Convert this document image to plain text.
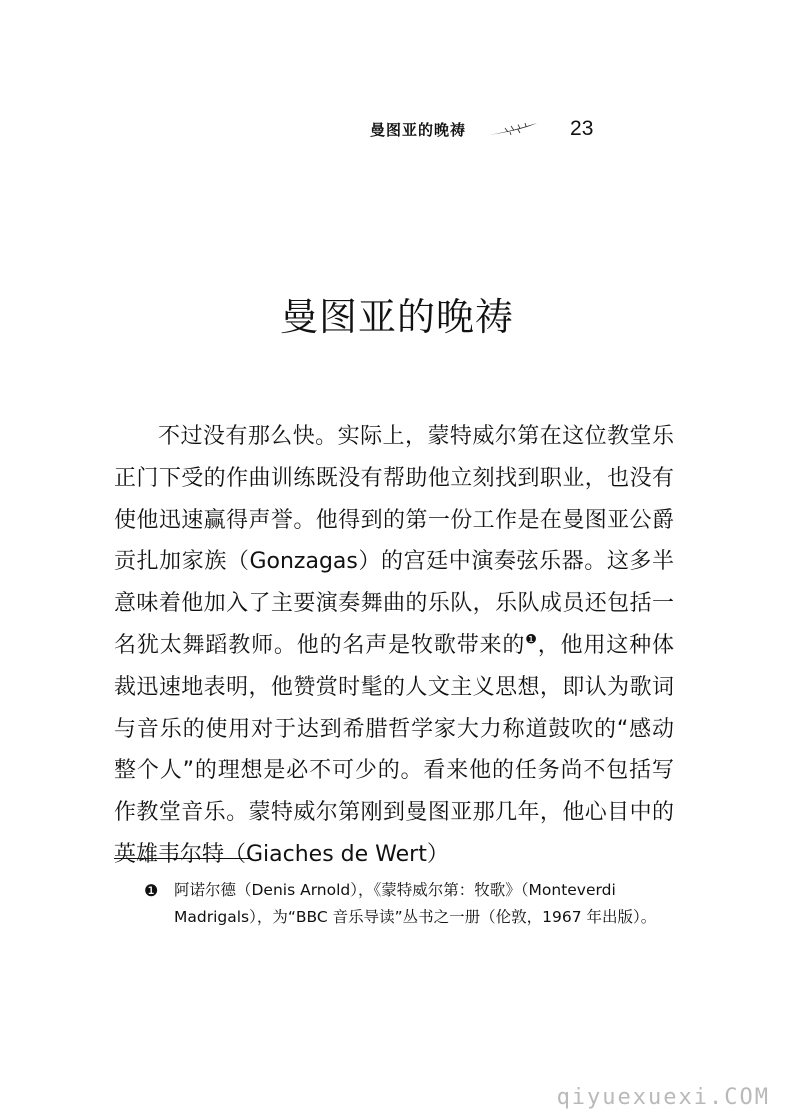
曼图亚的晚祷	23
曼图亚的晚祷

不过没有那么快。实际上，蒙特威尔第在这位教堂乐正门下受的作曲训练既没有帮助他立刻找到职业，也没有使他迅速赢得声誉。他得到的第一份工作是在曼图亚公爵贡扎加家族（Gonzagas）的宫廷中演奏弦乐器。这多半意味着他加入了主要演奏舞曲的乐队，乐队成员还包括一名犹太舞蹈教师。他的名声是牧歌带来的$^❶$，他用这种体裁迅速地表明，他赞赏时髦的人文主义思想，即认为歌词与音乐的使用对于达到希腊哲学家大力称道鼓吹的“感动整个人”的理想是必不可少的。看来他的任务尚不包括写作教堂音乐。蒙特威尔第刚到曼图亚那几年，他心目中的英雄韦尔特（Giaches de Wert）

❶	阿诺尔德（Denis Arnold），《蒙特威尔第：牧歌》（Monteverdi Madrigals），为“BBC 音乐导读”丛书之一册（伦敦，1967 年出版）。

qiyuexuexi.COM
